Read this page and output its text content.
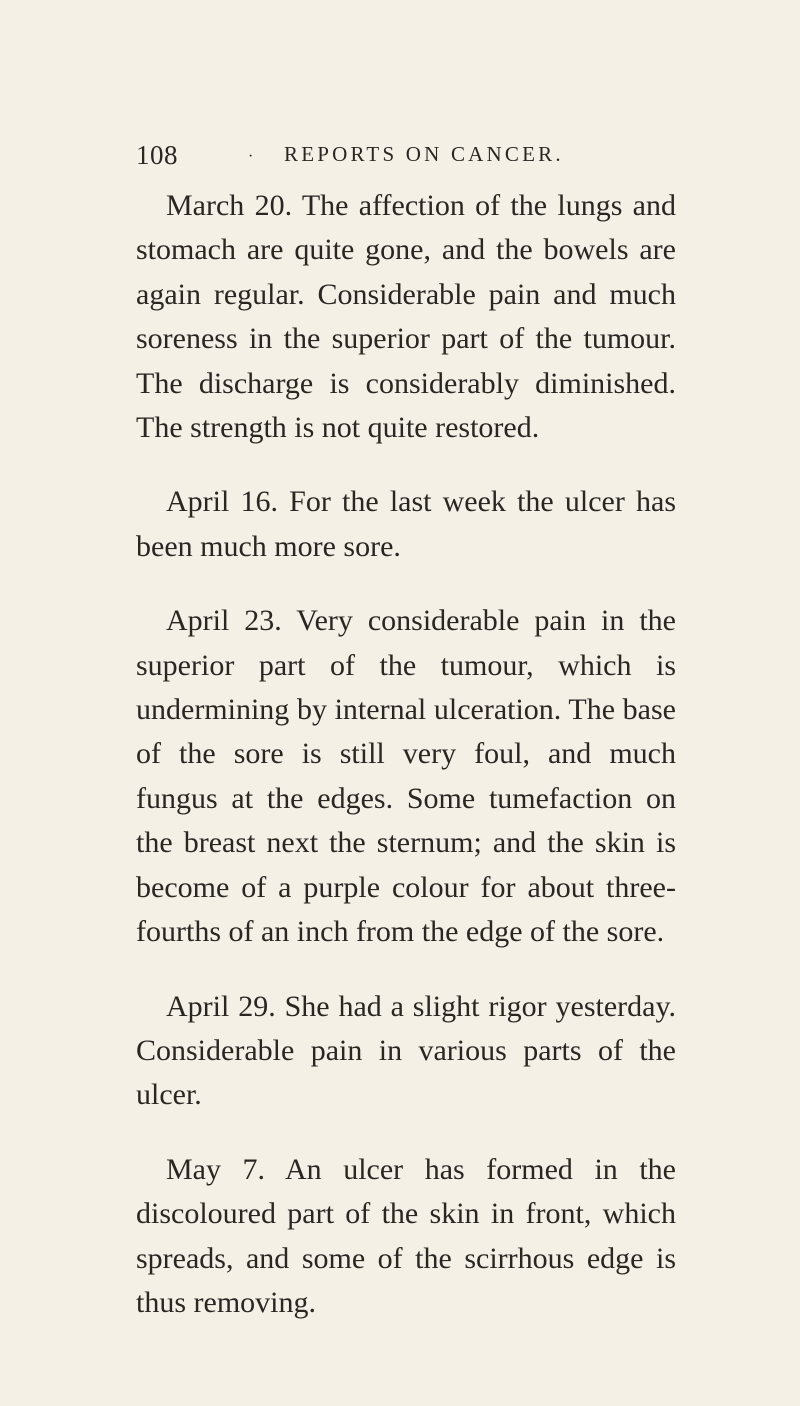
108	· REPORTS ON CANCER.

March 20. The affection of the lungs and stomach are quite gone, and the bowels are again regular. Considerable pain and much soreness in the superior part of the tumour. The discharge is considerably diminished. The strength is not quite restored.

April 16. For the last week the ulcer has been much more sore.

April 23. Very considerable pain in the superior part of the tumour, which is undermining by internal ulceration. The base of the sore is still very foul, and much fungus at the edges. Some tumefaction on the breast next the sternum; and the skin is become of a purple colour for about three-fourths of an inch from the edge of the sore.

April 29. She had a slight rigor yesterday. Considerable pain in various parts of the ulcer.

May 7. An ulcer has formed in the discoloured part of the skin in front, which spreads, and some of the scirrhous edge is thus removing.
